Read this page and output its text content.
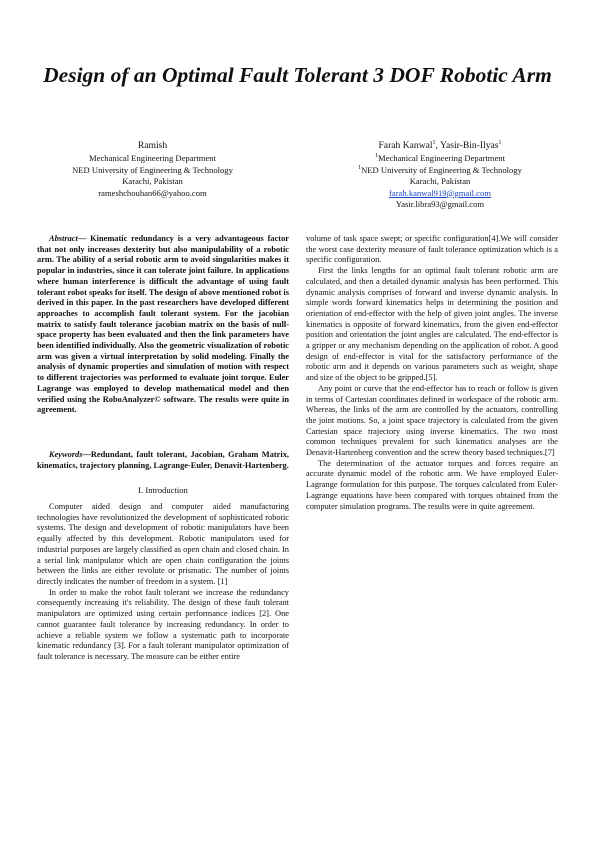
Design of an Optimal Fault Tolerant 3 DOF Robotic Arm
Ramish
Mechanical Engineering Department
NED University of Engineering & Technology
Karachi, Pakistan
rameshchouhan66@yahoo.com
Farah Kanwal$^1$, Yasir-Bin-Ilyas$^1$
$^1$Mechanical Engineering Department
$^1$NED University of Engineering & Technology
Karachi, Pakistan
farah.kanwal919@gmail.com
Yasir.libra93@gmail.com

Abstract— Kinematic redundancy is a very advantageous factor that not only increases dexterity but also manipulability of a robotic arm. The ability of a serial robotic arm to avoid singularities makes it popular in industries, since it can tolerate joint failure. In applications where human interference is difficult the advantage of using fault tolerant robot speaks for itself. The design of above mentioned robot is derived in this paper. In the past researchers have developed different approaches to accomplish fault tolerant system. For the jacobian matrix to satisfy fault tolerance jacobian matrix on the basis of null-space property has been evaluated and then the link parameters have been identified individually. Also the geometric visualization of robotic arm was given a virtual interpretation by solid modeling. Finally the analysis of dynamic properties and simulation of motion with respect to different trajectories was performed to evaluate joint torque. Euler Lagrange was employed to develop mathematical model and then verified using the RoboAnalyzer© software. The results were quite in agreement.

Keywords—Redundant, fault tolerant, Jacobian, Graham Matrix, kinematics, trajectory planning, Lagrange-Euler, Denavit-Hartenberg.

I. Introduction

Computer aided design and computer aided manufacturing technologies have revolutionized the development of sophisticated robotic systems. The design and development of robotic manipulators have been equally affected by this development. Robotic manipulators used for industrial purposes are largely classified as open chain and closed chain. In a serial link manipulator which are open chain configuration the joints between the links are either revolute or prismatic. The number of joints directly indicates the number of freedom in a system. [1]

In order to make the robot fault tolerant we increase the redundancy consequently increasing it's reliability. The design of these fault tolerant manipulators are optimized using certain performance indices [2]. One cannot guarantee fault tolerance by increasing redundancy. In order to achieve a reliable system we follow a systematic path to incorporate kinematic redundancy [3]. For a fault tolerant manipulator optimization of fault tolerance is necessary. The measure can be either entire

volume of task space swept; or specific configuration[4].We will consider the worst case dexterity measure of fault tolerance optimization which is a specific configuration.

First the links lengths for an optimal fault tolerant robotic arm are calculated, and then a detailed dynamic analysis has been performed. This dynamic analysis comprises of forward and inverse dynamic analysis. In simple words forward kinematics helps in determining the position and orientation of end-effector with the help of given joint angles. The inverse kinematics is opposite of forward kinematics, from the given end-effector position and orientation the joint angles are calculated. The end-effector is a gripper or any mechanism depending on the application of robot. A good design of end-effector is vital for the satisfactory performance of the robotic arm and it depends on various parameters such as weight, shape and size of the object to be gripped.[5].

Any point or curve that the end-effector has to reach or follow is given in terms of Cartesian coordinates defined in workspace of the robotic arm. Whereas, the links of the arm are controlled by the actuators, controlling the joint motions. So, a joint space trajectory is calculated from the given Cartesian space trajectory using inverse kinematics. The two most common techniques prevalent for such kinematics analyses are the Denavit-Hartenberg convention and the screw theory based techniques.[7]

The determination of the actuator torques and forces require an accurate dynamic model of the robotic arm. We have employed Euler-Lagrange formulation for this purpose. The torques calculated from Euler-Lagrange equations have been compared with torques obtained from the computer simulation programs. The results were in quite agreement.
